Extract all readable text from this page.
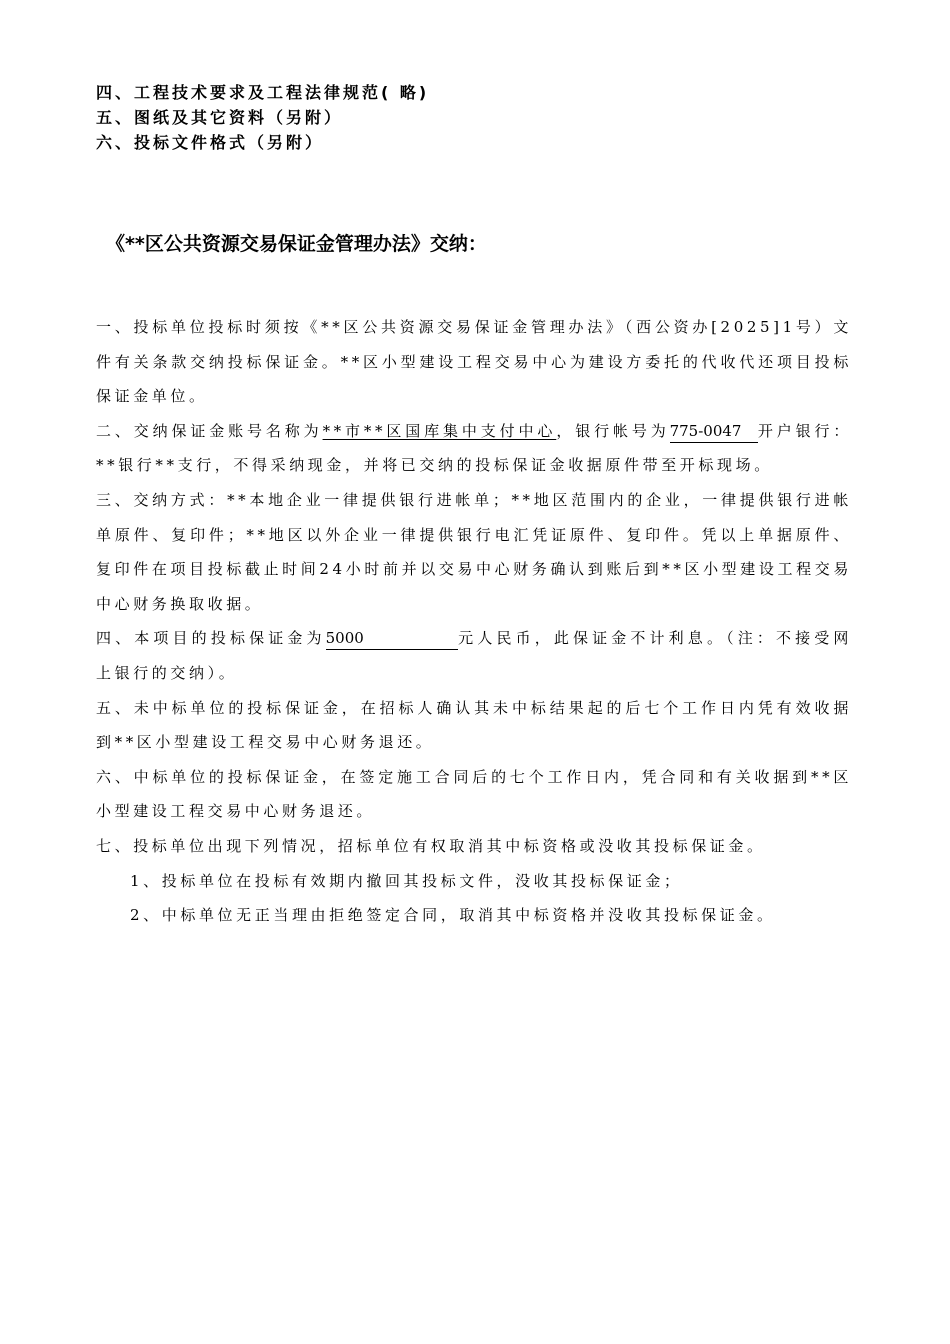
四、工程技术要求及工程法律规范( 略)
五、图纸及其它资料（另附）
六、投标文件格式（另附）
《**区公共资源交易保证金管理办法》交纳：

一、投标单位投标时须按《**区公共资源交易保证金管理办法》（西公资办[2025]1号）文件有关条款交纳投标保证金。**区小型建设工程交易中心为建设方委托的代收代还项目投标保证金单位。

二、交纳保证金账号名称为**市**区国库集中支付中心，银行帐号为775-0047 开户银行：**银行**支行，不得采纳现金，并将已交纳的投标保证金收据原件带至开标现场。

三、交纳方式：**本地企业一律提供银行进帐单；**地区范围内的企业，一律提供银行进帐单原件、复印件；**地区以外企业一律提供银行电汇凭证原件、复印件。凭以上单据原件、复印件在项目投标截止时间24小时前并以交易中心财务确认到账后到**区小型建设工程交易中心财务换取收据。

四、本项目的投标保证金为5000	元人民币，此保证金不计利息。（注：不接受网上银行的交纳）。

五、未中标单位的投标保证金，在招标人确认其未中标结果起的后七个工作日内凭有效收据到**区小型建设工程交易中心财务退还。

六、中标单位的投标保证金，在签定施工合同后的七个工作日内，凭合同和有关收据到**区小型建设工程交易中心财务退还。

七、投标单位出现下列情况，招标单位有权取消其中标资格或没收其投标保证金。

1、投标单位在投标有效期内撤回其投标文件，没收其投标保证金；

2、中标单位无正当理由拒绝签定合同，取消其中标资格并没收其投标保证金。
